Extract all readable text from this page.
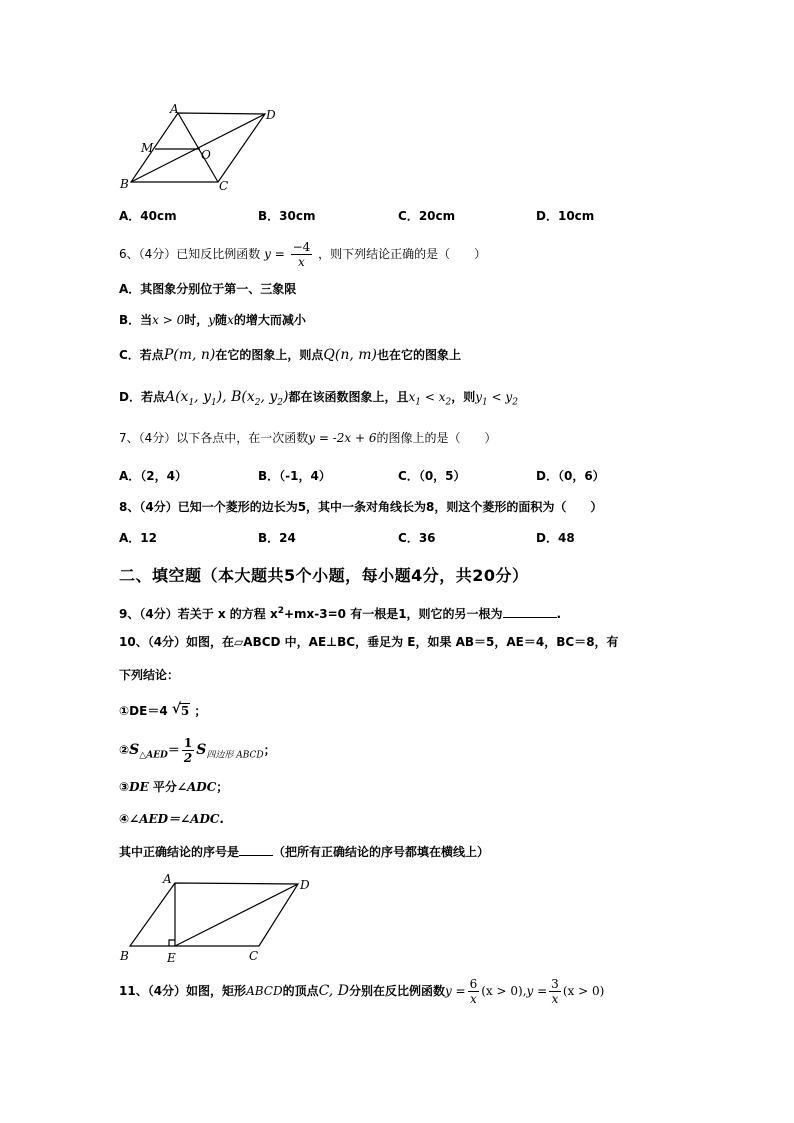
A	D
M	O
B	C
A．40cm	B．30cm	C．20cm	D．10cm
6、（4分）已知反比例函数 $y = \frac{-4}{x}$ ，则下列结论正确的是（　　）
A．其图象分别位于第一、三象限
B．当x > 0时，y随x的增大而减小
C．若点P(m, n)在它的图象上，则点Q(n, m)也在它的图象上
D．若点$A(x_1$, $y_1$), $B(x_2$, $y_2$)都在该函数图象上，且$x_1 < x_2$，则$y_1 < y_2$
7、（4分）以下各点中，在一次函数y = -2x + 6的图像上的是（　　）
A．（2，4）	B．（-1，4）	C．（0，5）	D．（0，6）
8、（4分）已知一个菱形的边长为5，其中一条对角线长为8，则这个菱形的面积为（　　）
A．12	B．24	C．36	D．48
二、填空题（本大题共5个小题，每小题4分，共20分）
9、（4分）若关于 x 的方程 $x^2+mx-3=0$ 有一根是1，则它的另一根为	.
10、（4分）如图，在▱ABCD 中，AE⊥BC，垂足为 E，如果 AB＝5，AE＝4，BC＝8，有
下列结论：
①DE＝4 √ 5 ；
$②S_{\triangle AED}= \frac{1}{2} S_{四边形 ABCD}$；
③DE 平分∠ADC；
④∠AED＝∠ADC.
其中正确结论的序号是	（把所有正确结论的序号都填在横线上）
A	D
B	E	C
11、（4分）如图，矩形ABCD的顶点C, D分别在反比例函数$y = \frac{6}{x} (x > 0),y = \frac{3}{x} (x > 0)$
